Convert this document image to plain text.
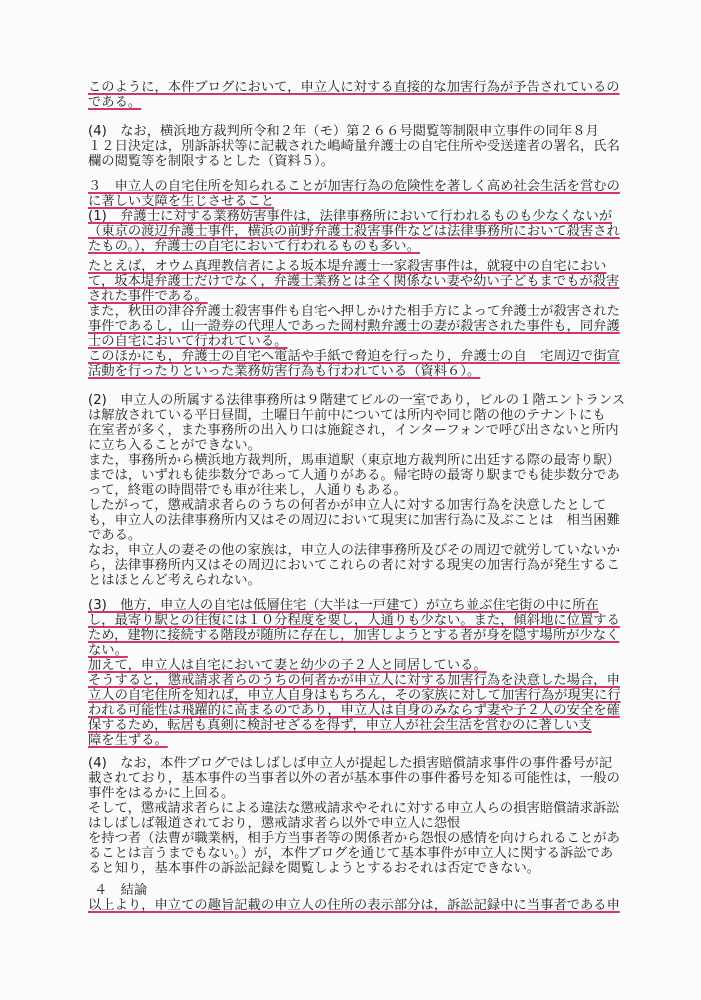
このように，本件ブログにおいて，申立人に対する直接的な加害行為が予告されているの
である。
(4)　なお，横浜地方裁判所令和２年（モ）第２６６号閲覧等制限申立事件の同年８月
１２日決定は，別訴訴状等に記載された嶋崎量弁護士の自宅住所や受送達者の署名，氏名
欄の閲覧等を制限するとした（資料５）。
３　申立人の自宅住所を知られることが加害行為の危険性を著しく高め社会生活を営むの
に著しい支障を生じさせること
(1)　弁護士に対する業務妨害事件は，法律事務所において行われるものも少なくないが
（東京の渡辺弁護士事件，横浜の前野弁護士殺害事件などは法律事務所において殺害され
たもの。），弁護士の自宅において行われるものも多い。
たとえば，オウム真理教信者による坂本堤弁護士一家殺害事件は，就寝中の自宅におい
て，坂本堤弁護士だけでなく，弁護士業務とは全く関係ない妻や幼い子どもまでもが殺害
された事件である。
また，秋田の津谷弁護士殺害事件も自宅へ押しかけた相手方によって弁護士が殺害された
事件であるし，山一證券の代理人であった岡村勲弁護士の妻が殺害された事件も，同弁護
士の自宅において行われている。
このほかにも，弁護士の自宅へ電話や手紙で脅迫を行ったり，弁護士の自　宅周辺で街宣
活動を行ったりといった業務妨害行為も行われている（資料６）。
(2)　申立人の所属する法律事務所は９階建てビルの一室であり，ビルの１階エントランス
は解放されている平日昼間，土曜日午前中については所内や同じ階の他のテナントにも
在室者が多く，また事務所の出入り口は施錠され，インターフォンで呼び出さないと所内
に立ち入ることができない。
また，事務所から横浜地方裁判所，馬車道駅（東京地方裁判所に出廷する際の最寄り駅）
までは，いずれも徒歩数分であって人通りがある。帰宅時の最寄り駅までも徒歩数分であ
って，終電の時間帯でも車が往来し，人通りもある。
したがって，懲戒請求者らのうちの何者かが申立人に対する加害行為を決意したとして
も，申立人の法律事務所内又はその周辺において現実に加害行為に及ぶことは　相当困難
である。
なお，申立人の妻その他の家族は，申立人の法律事務所及びその周辺で就労していないか
ら，法律事務所内又はその周辺においてこれらの者に対する現実の加害行為が発生するこ
とはほとんど考えられない。
(3)　他方，申立人の自宅は低層住宅（大半は一戸建て）が立ち並ぶ住宅街の中に所在
し，最寄り駅との往復には１０分程度を要し，人通りも少ない。また，傾斜地に位置する
ため，建物に接続する階段が随所に存在し，加害しようとする者が身を隠す場所が少なく
ない。
加えて，申立人は自宅において妻と幼少の子２人と同居している。
そうすると，懲戒請求者らのうちの何者かが申立人に対する加害行為を決意した場合，申
立人の自宅住所を知れば，申立人自身はもちろん，その家族に対して加害行為が現実に行
われる可能性は飛躍的に高まるのであり，申立人は自身のみならず妻や子２人の安全を確
保するため，転居も真剣に検討せざるを得ず，申立人が社会生活を営むのに著しい支
障を生ずる。
(4)　なお，本件ブログではしばしば申立人が提起した損害賠償請求事件の事件番号が記
載されており，基本事件の当事者以外の者が基本事件の事件番号を知る可能性は，一般の
事件をはるかに上回る。
そして，懲戒請求者らによる違法な懲戒請求やそれに対する申立人らの損害賠償請求訴訟
はしばしば報道されており，懲戒請求者ら以外で申立人に怨恨
を持つ者（法曹が職業柄，相手方当事者等の関係者から怨恨の感情を向けられることがあ
ることは言うまでもない。）が，本件ブログを通じて基本事件が申立人に関する訴訟であ
ると知り，基本事件の訴訟記録を閲覧しようとするおそれは否定できない。
４　結論
以上より，申立ての趣旨記載の申立人の住所の表示部分は，訴訟記録中に当事者である申
